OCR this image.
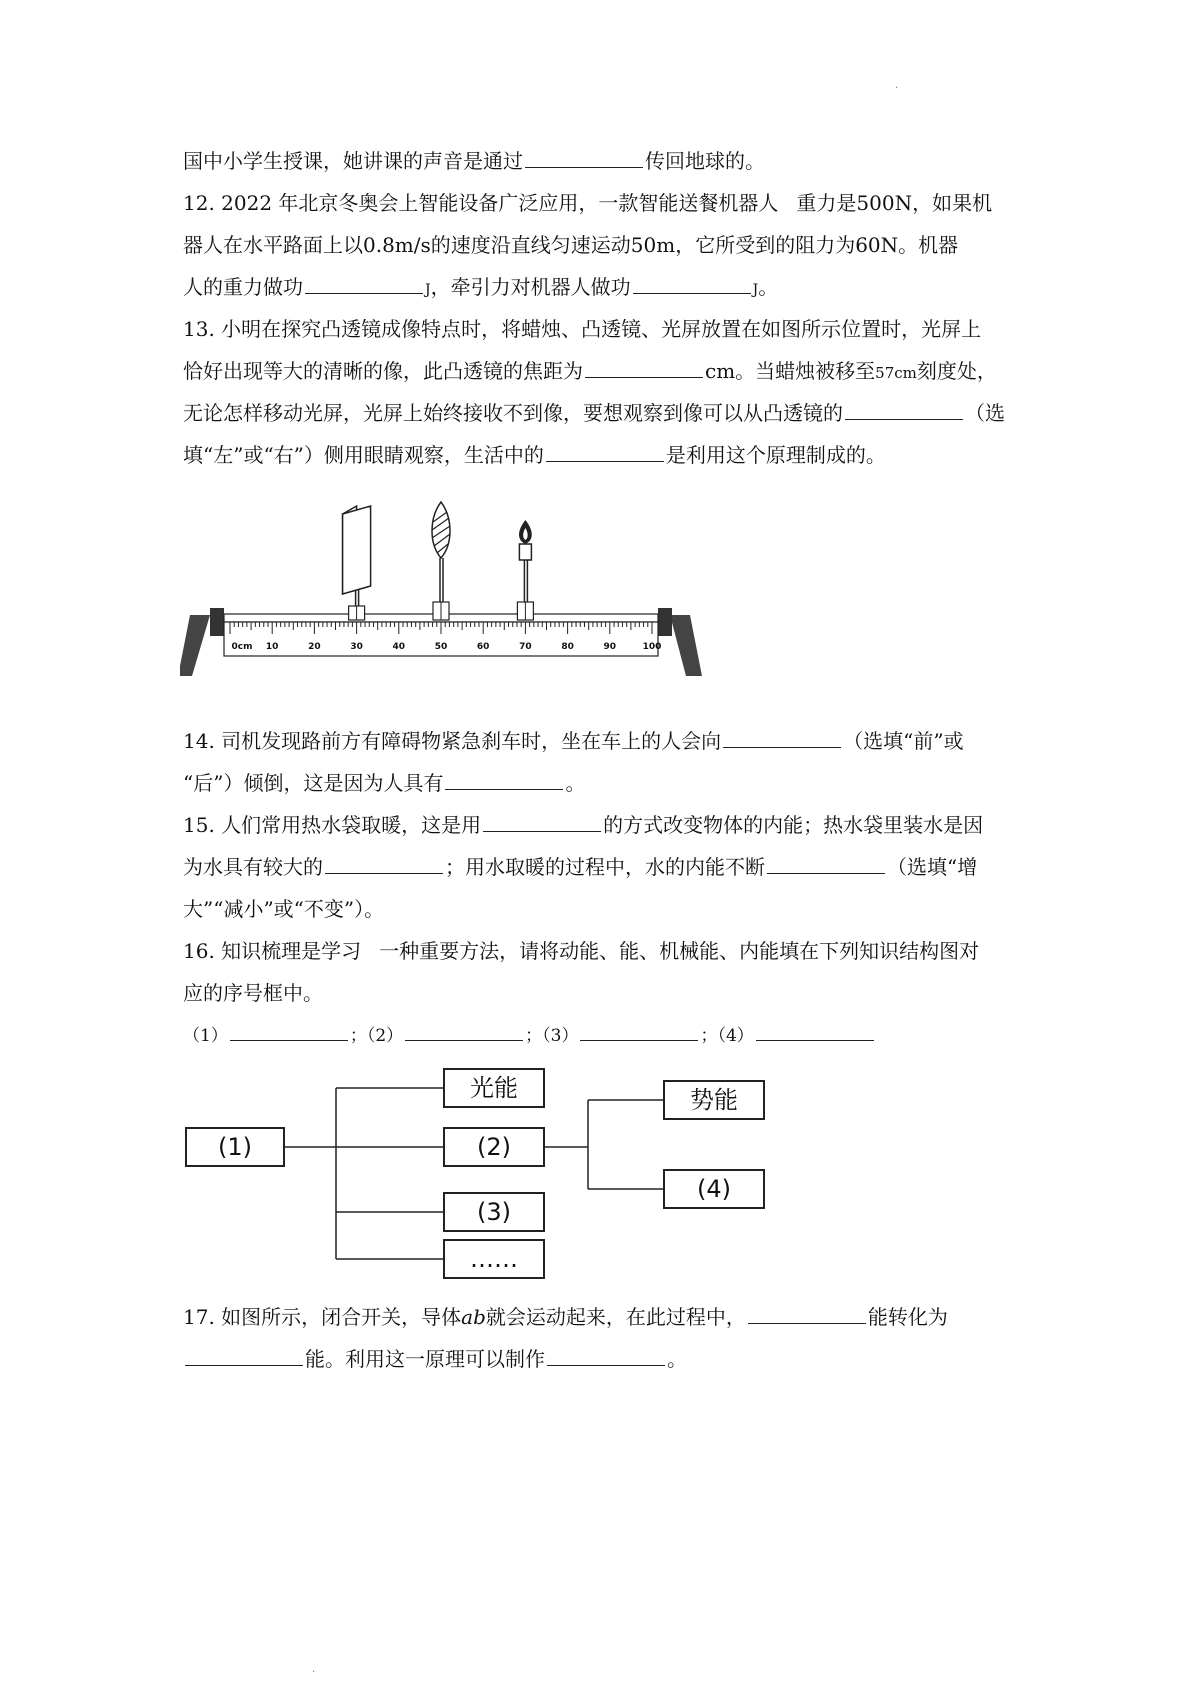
.
国中小学生授课，她讲课的声音是通过	传回地球的。
12. 2022 年北京冬奥会上智能设备广泛应用，一款智能送餐机器人 重力是500N，如果机
器人在水平路面上以0.8m/s的速度沿直线匀速运动50m，它所受到的阻力为60N。机器
人的重力做功	J，牵引力对机器人做功	J。
13. 小明在探究凸透镜成像特点时，将蜡烛、凸透镜、光屏放置在如图所示位置时，光屏上
恰好出现等大的清晰的像，此凸透镜的焦距为	cm。当蜡烛被移至57cm刻度处，
无论怎样移动光屏，光屏上始终接收不到像，要想观察到像可以从凸透镜的	（选
填“左”或“右”）侧用眼睛观察，生活中的	是利用这个原理制成的。
0cm 10	20	30	40	50	60	70	80	90	100
14. 司机发现路前方有障碍物紧急刹车时，坐在车上的人会向	（选填“前”或
“后”）倾倒，这是因为人具有	。
15. 人们常用热水袋取暖，这是用	的方式改变物体的内能；热水袋里装水是因
为水具有较大的	；用水取暖的过程中，水的内能不断	（选填“增
大”“减小”或“不变”）。
16. 知识梳理是学习 一种重要方法，请将动能、能、机械能、内能填在下列知识结构图对
应的序号框中。
（1）	；（2）	；（3）	；（4）
(1)
光能
(2)
(3)
……
势能
(4)
17. 如图所示，闭合开关，导体ab就会运动起来，在此过程中，	能转化为
能。利用这一原理可以制作	。
.
